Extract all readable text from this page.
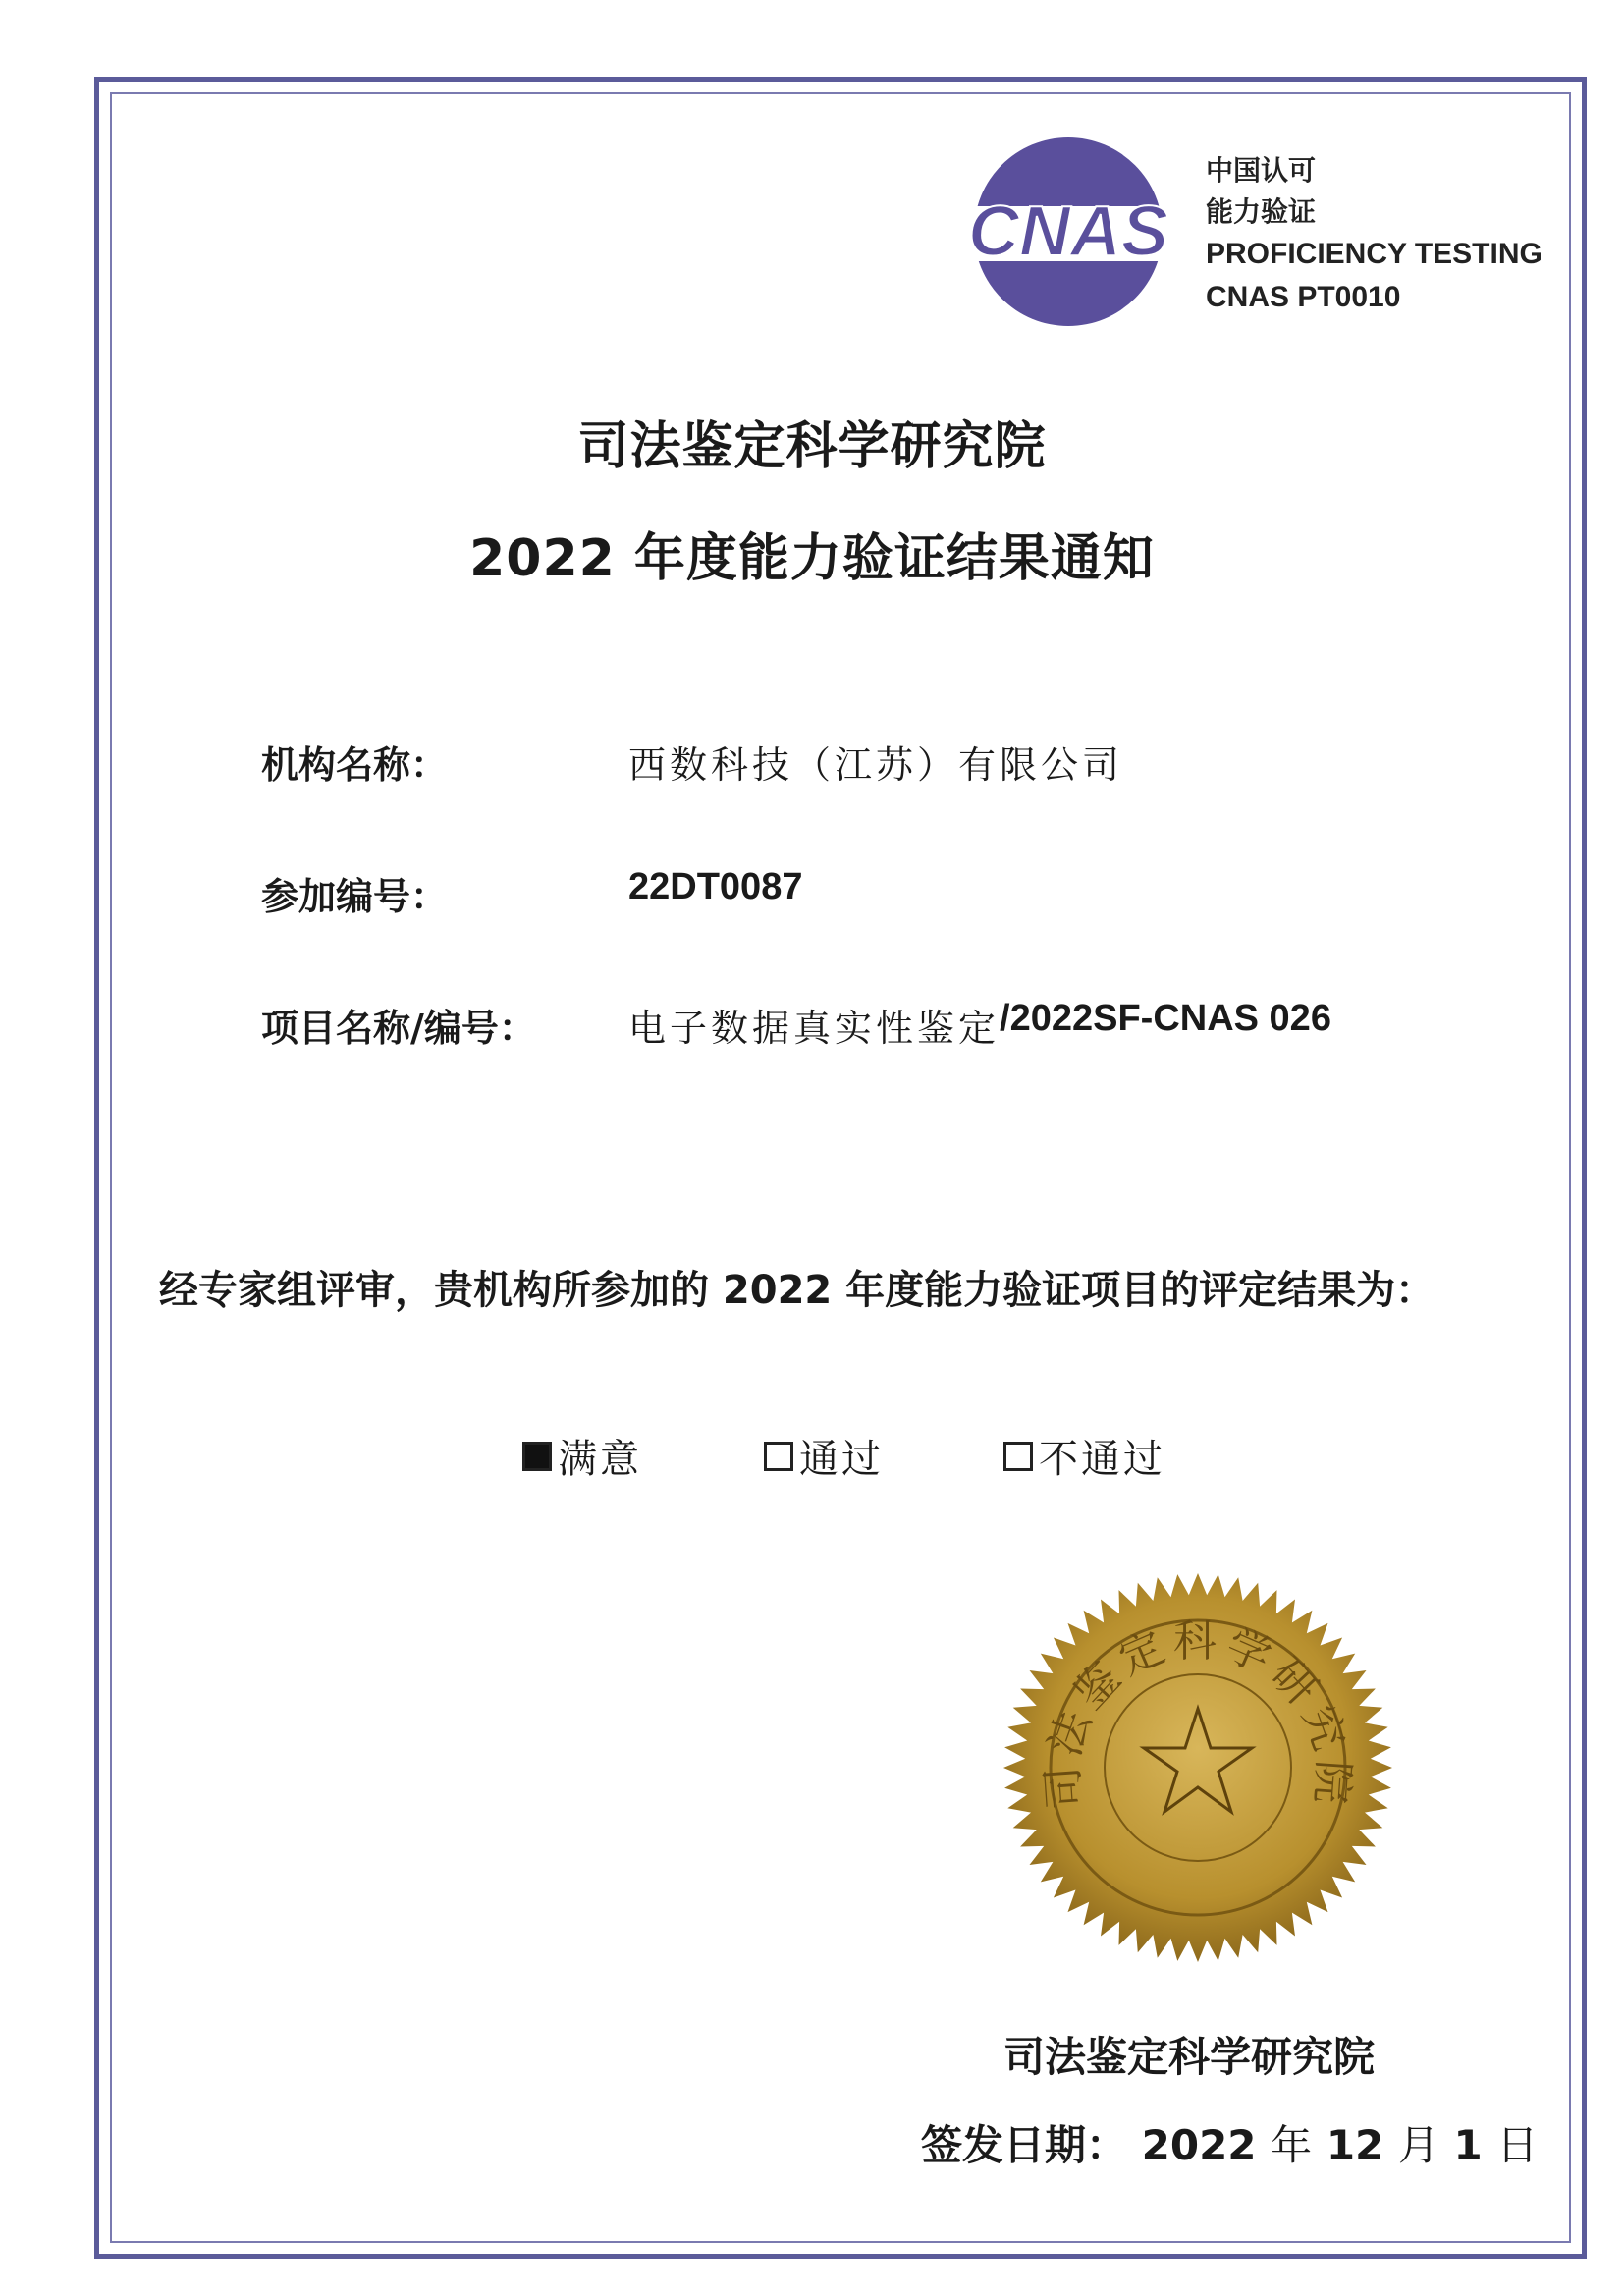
CNAS
中国认可
能力验证
PROFICIENCY TESTING
CNAS PT0010
司法鉴定科学研究院
2022 年度能力验证结果通知
机构名称：	西数科技（江苏）有限公司
参加编号：	22DT0087
项目名称/编号： 电子数据真实性鉴定 /2022SF-CNAS 026
经专家组评审，贵机构所参加的 2022 年度能力验证项目的评定结果为：
满意	通过	不通过
司法鉴定科学研究院
司法鉴定科学研究院
签发日期： 2022 年 12 月 1 日
